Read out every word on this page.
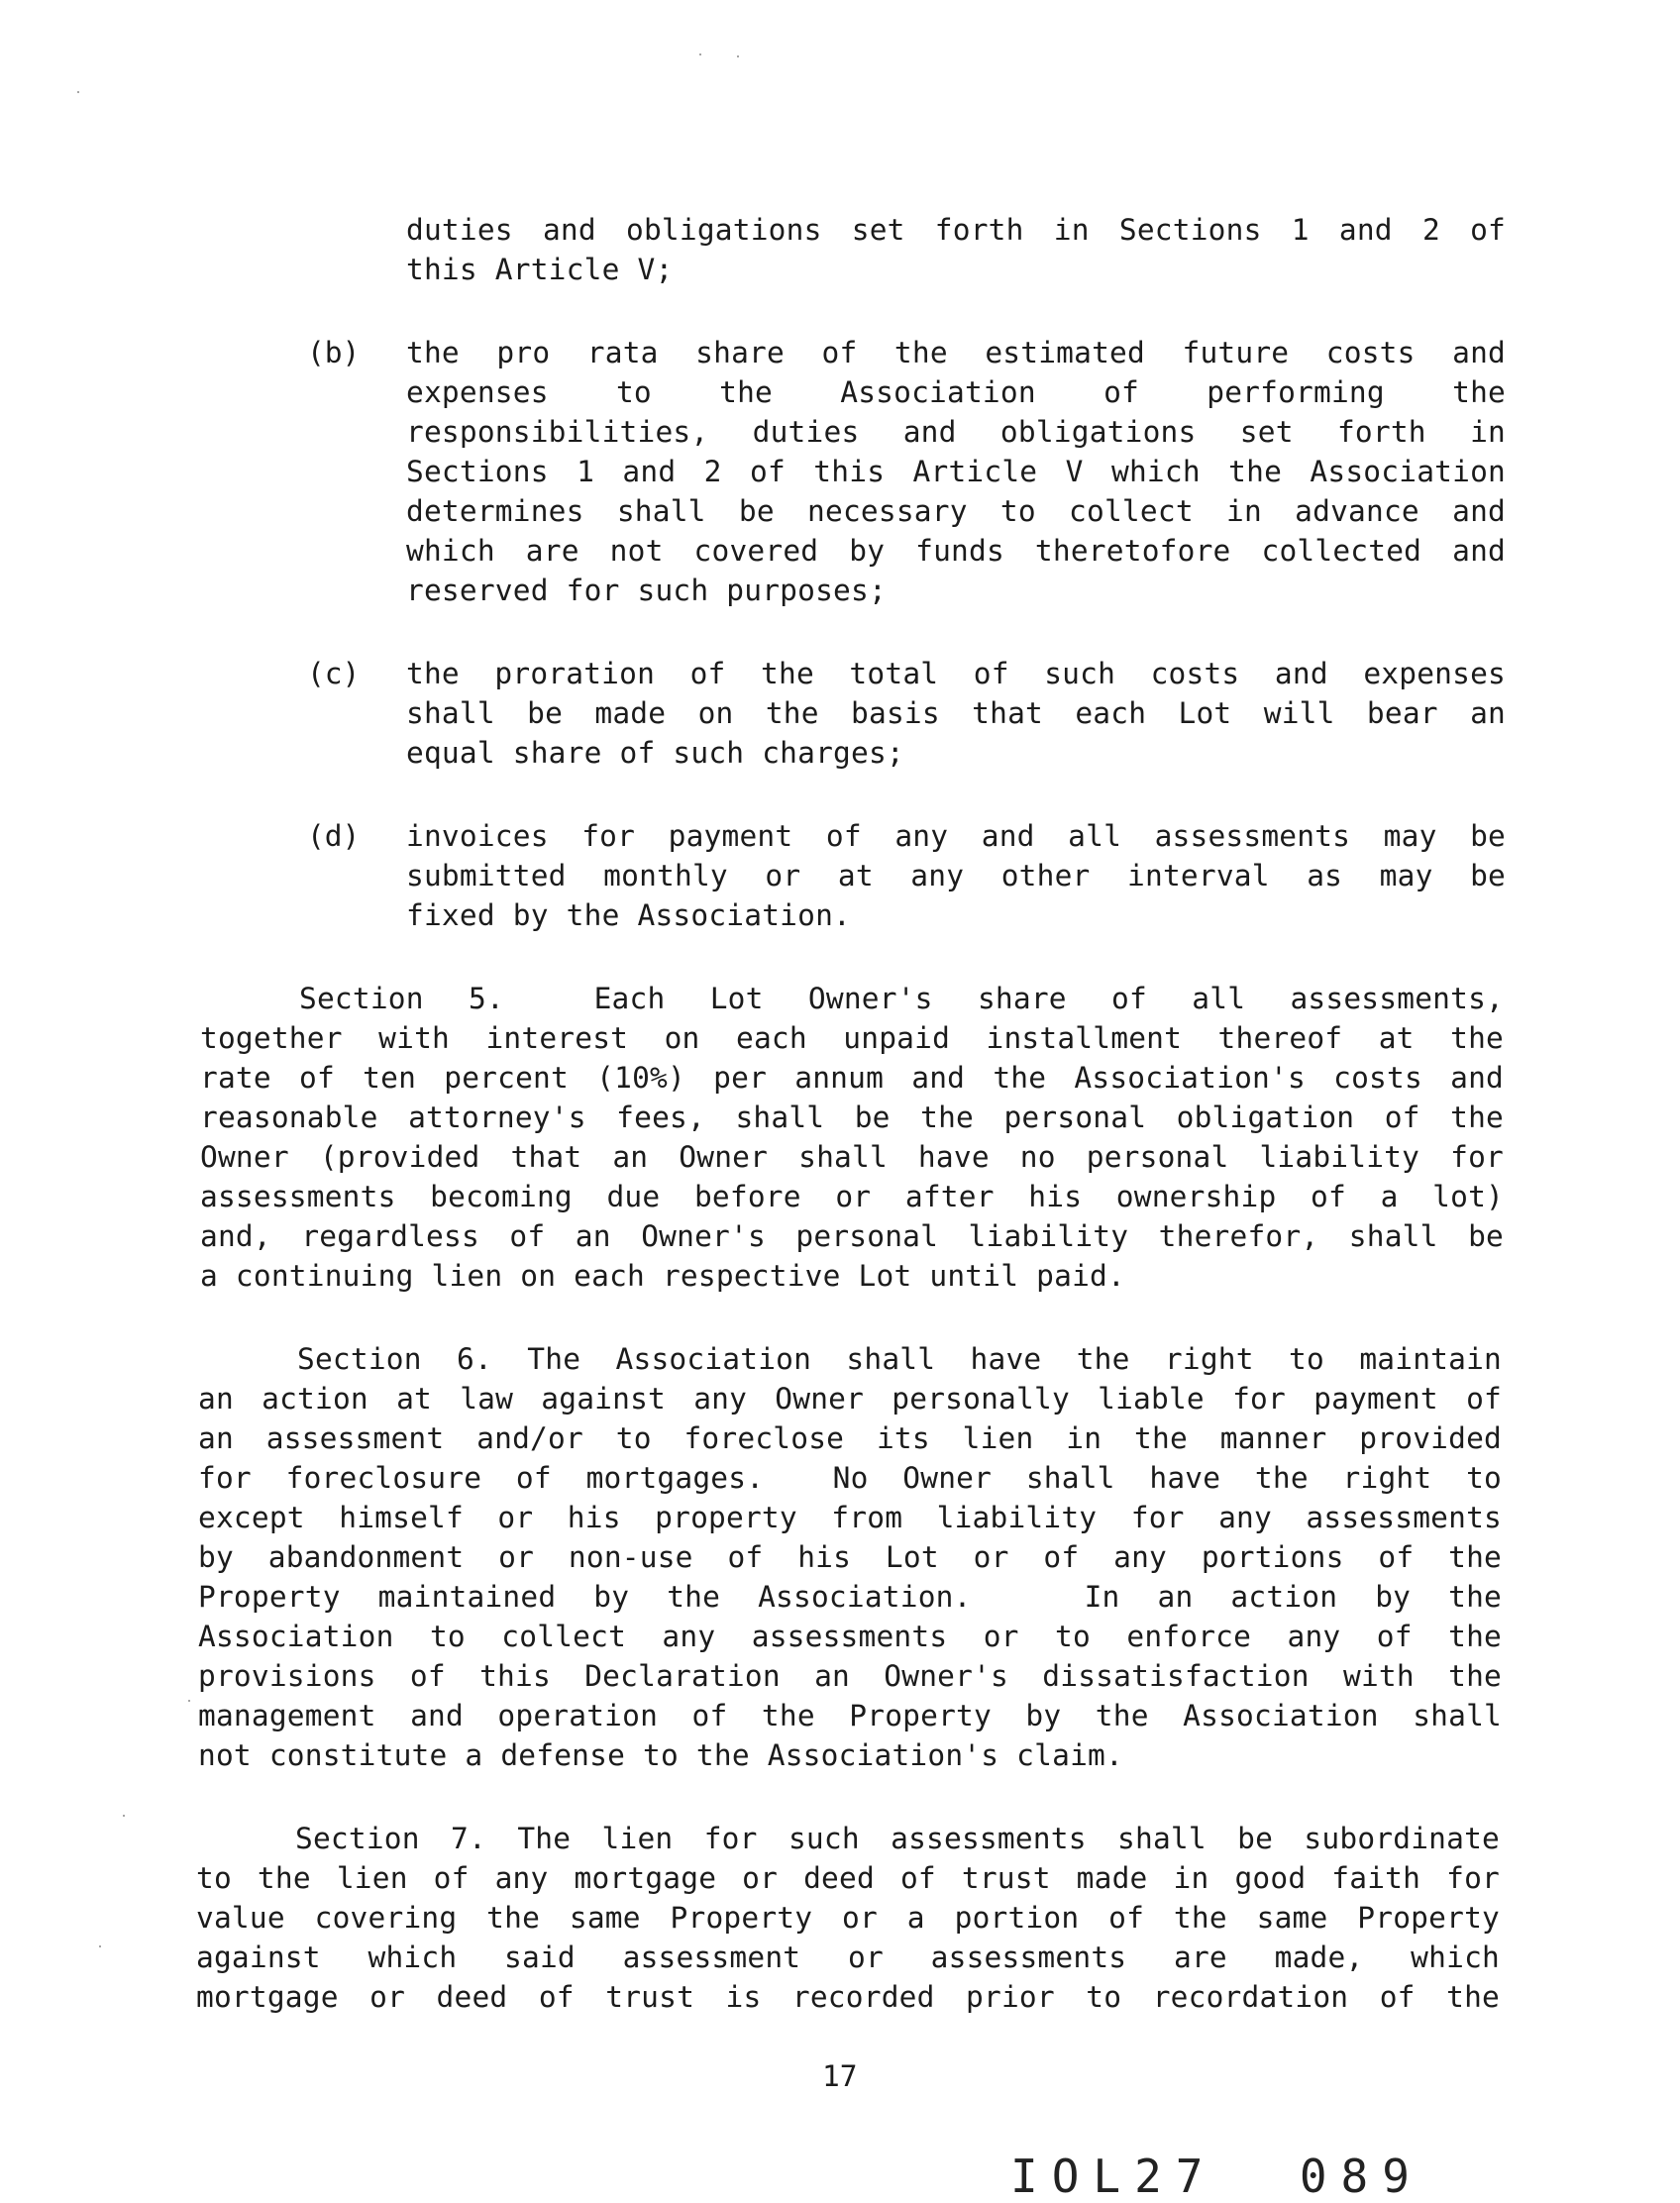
duties and obligations set forth in Sections 1 and 2 of
this Article V;
(b) the pro rata share of the estimated future costs and
expenses to the Association of performing the
responsibilities, duties and obligations set forth in
Sections 1 and 2 of this Article V which the Association
determines shall be necessary to collect in advance and
which are not covered by funds theretofore collected and
reserved for such purposes;
(c) the proration of the total of such costs and expenses
shall be made on the basis that each Lot will bear an
equal share of such charges;
(d) invoices for payment of any and all assessments may be
submitted monthly or at any other interval as may be
fixed by the Association.
Section 5.  Each Lot Owner's share of all assessments,
together with interest on each unpaid installment thereof at the
rate of ten percent (10%) per annum and the Association's costs and
reasonable attorney's fees, shall be the personal obligation of the
Owner (provided that an Owner shall have no personal liability for
assessments becoming due before or after his ownership of a lot)
and, regardless of an Owner's personal liability therefor, shall be
a continuing lien on each respective Lot until paid.
Section 6. The Association shall have the right to maintain
an action at law against any Owner personally liable for payment of
an assessment and/or to foreclose its lien in the manner provided
for foreclosure of mortgages.  No Owner shall have the right to
except himself or his property from liability for any assessments
by abandonment or non-use of his Lot or of any portions of the
Property maintained by the Association.   In an action by the
Association to collect any assessments or to enforce any of the
provisions of this Declaration an Owner's dissatisfaction with the
management and operation of the Property by the Association shall
not constitute a defense to the Association's claim.
Section 7. The lien for such assessments shall be subordinate
to the lien of any mortgage or deed of trust made in good faith for
value covering the same Property or a portion of the same Property
against which said assessment or assessments are made, which
mortgage or deed of trust is recorded prior to recordation of the
17
IOL27  089
